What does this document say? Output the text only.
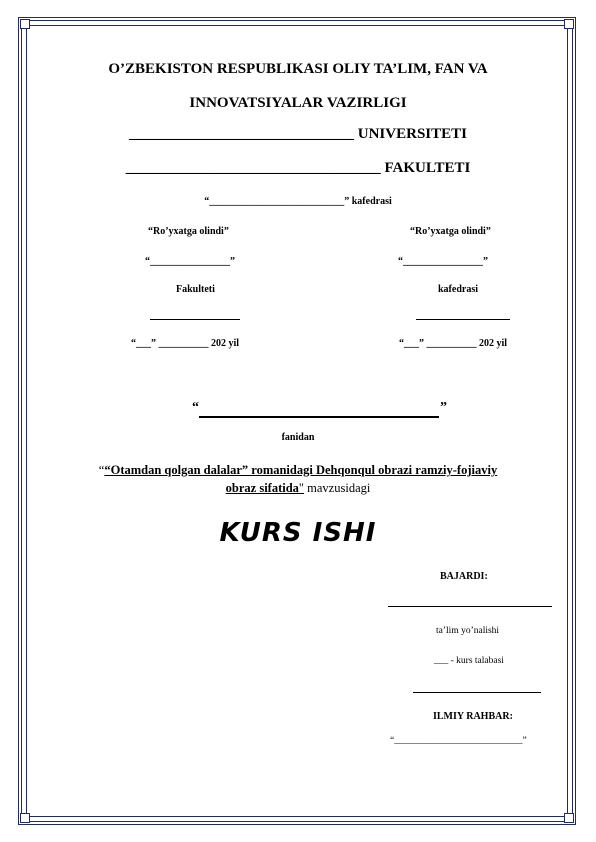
O’ZBEKISTON RESPUBLIKASI OLIY TA’LIM, FAN VA
INNOVATSIYALAR VAZIRLIGI
______________________________ UNIVERSITETI
__________________________________ FAKULTETI
“___________________________” kafedrasi
“Ro’yxatga olindi”
“________________”
Fakulteti
“___” __________ 202 yil
“Ro’yxatga olindi”
“________________”
kafedrasi
“___” __________ 202 yil
“	”
fanidan
““Otamdan qolgan dalalar” romanidagi Dehqonqul obrazi ramziy-fojiaviy
obraz sifatida" mavzusidagi
KURS ISHI
BAJARDI:
ta’lim yo’nalishi
___ - kurs talabasi
ILMIY RAHBAR:
“___________________________”
